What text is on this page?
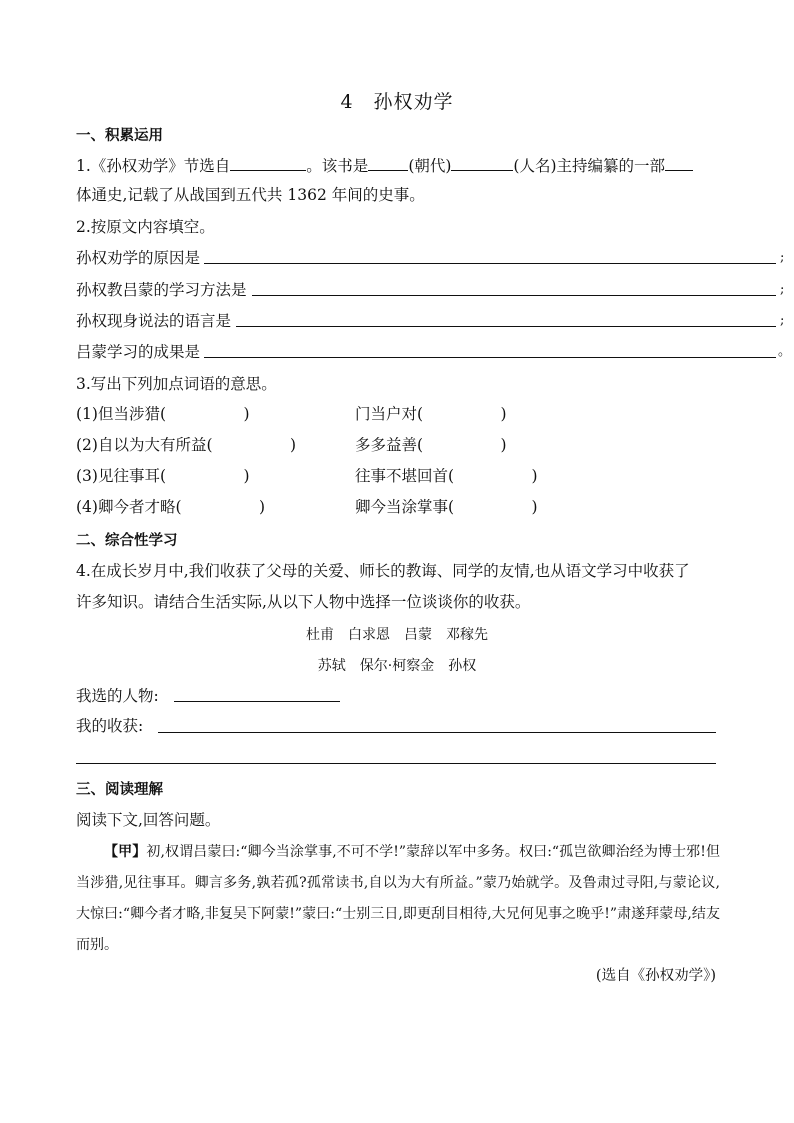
4　孙权劝学
一、积累运用
1.《孙权劝学》节选自	。该书是	(朝代)	(人名)主持编纂的一部
体通史,记载了从战国到五代共 1362 年间的史事。
2.按原文内容填空。
孙权劝学的原因是	;
孙权教吕蒙的学习方法是	;
孙权现身说法的语言是	;
吕蒙学习的成果是	。
3.写出下列加点词语的意思。
(1)但当涉猎(　　　　　)	门当户对(　　　　　)
(2)自以为大有所益(　　　　　)	多多益善(　　　　　)
(3)见往事耳(　　　　　)	往事不堪回首(　　　　　)
(4)卿今者才略(　　　　　)	卿今当涂掌事(　　　　　)
二、综合性学习
4.在成长岁月中,我们收获了父母的关爱、师长的教诲、同学的友情,也从语文学习中收获了
许多知识。请结合生活实际,从以下人物中选择一位谈谈你的收获。
杜甫　白求恩　吕蒙　邓稼先
苏轼　保尔·柯察金　孙权
我选的人物:
我的收获:
三、阅读理解
阅读下文,回答问题。
【甲】初,权谓吕蒙曰:“卿今当涂掌事,不可不学!”蒙辞以军中多务。权曰:“孤岂欲卿治经为博士邪!但当涉猎,见往事耳。卿言多务,孰若孤?孤常读书,自以为大有所益。”蒙乃始就学。及鲁肃过寻阳,与蒙论议,大惊曰:“卿今者才略,非复吴下阿蒙!”蒙曰:“士别三日,即更刮目相待,大兄何见事之晚乎!”肃遂拜蒙母,结友而别。
(选自《孙权劝学》)
